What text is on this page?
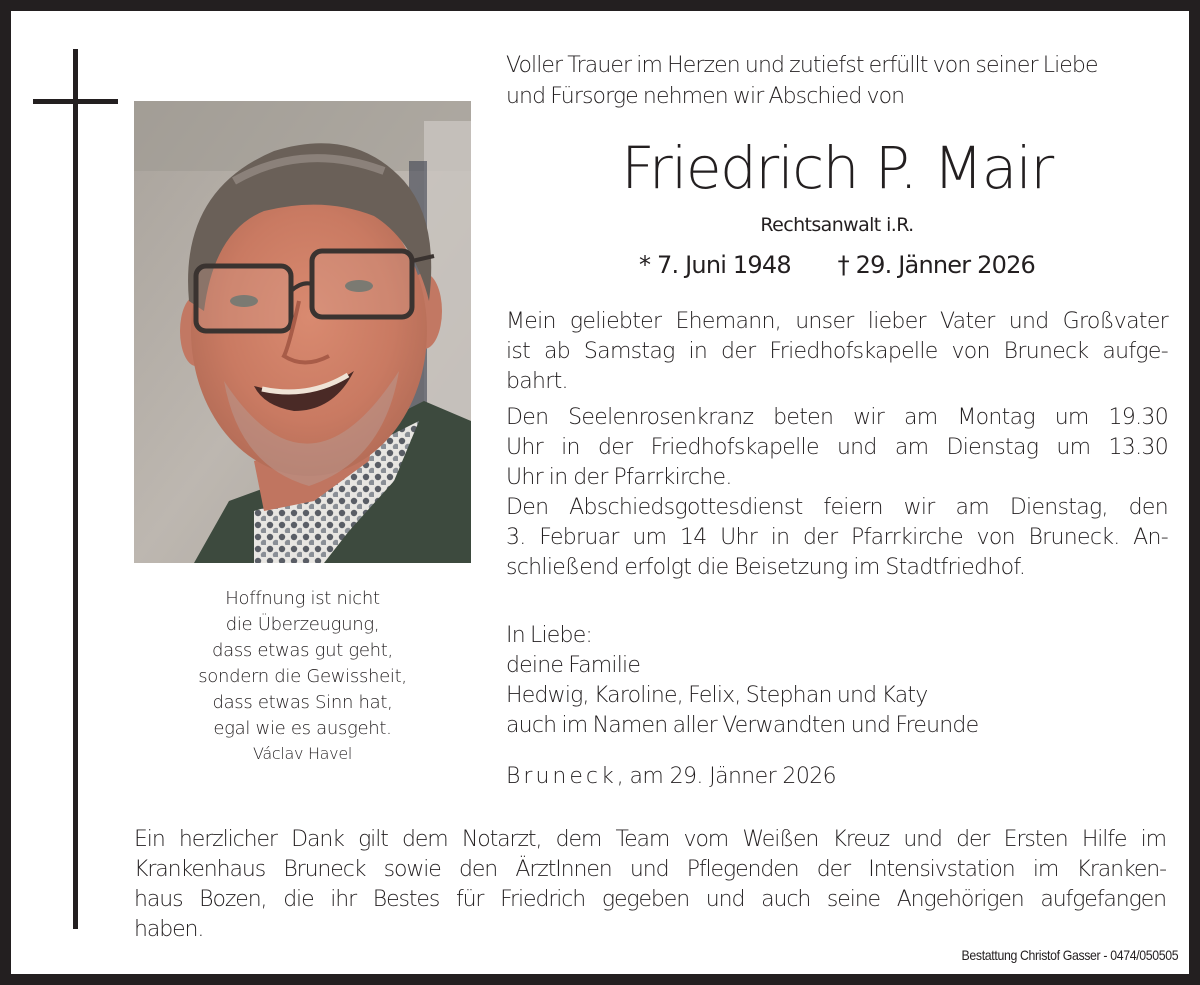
Hoffnung ist nicht
die Überzeugung,
dass etwas gut geht,
sondern die Gewissheit,
dass etwas Sinn hat,
egal wie es ausgeht.
Václav Havel
Voller Trauer im Herzen und zutiefst erfüllt von seiner Liebe
und Fürsorge nehmen wir Abschied von
Friedrich P. Mair
Rechtsanwalt i.R.
* 7. Juni 1948 † 29. Jänner 2026

Mein geliebter Ehemann, unser lieber Vater und Großvater
ist ab Samstag in der Friedhofskapelle von Bruneck aufge-
bahrt.

Den Seelenrosenkranz beten wir am Montag um 19.30
Uhr in der Friedhofskapelle und am Dienstag um 13.30
Uhr in der Pfarrkirche.
Den Abschiedsgottesdienst feiern wir am Dienstag, den
3. Februar um 14 Uhr in der Pfarrkirche von Bruneck. An-
schließend erfolgt die Beisetzung im Stadtfriedhof.

In Liebe:
deine Familie
Hedwig, Karoline, Felix, Stephan und Katy
auch im Namen aller Verwandten und Freunde
Bruneck, am 29. Jänner 2026
Ein herzlicher Dank gilt dem Notarzt, dem Team vom Weißen Kreuz und der Ersten Hilfe im
Krankenhaus Bruneck sowie den ÄrztInnen und Pflegenden der Intensivstation im Kranken-
haus Bozen, die ihr Bestes für Friedrich gegeben und auch seine Angehörigen aufgefangen
haben.
Bestattung Christof Gasser - 0474/050505
